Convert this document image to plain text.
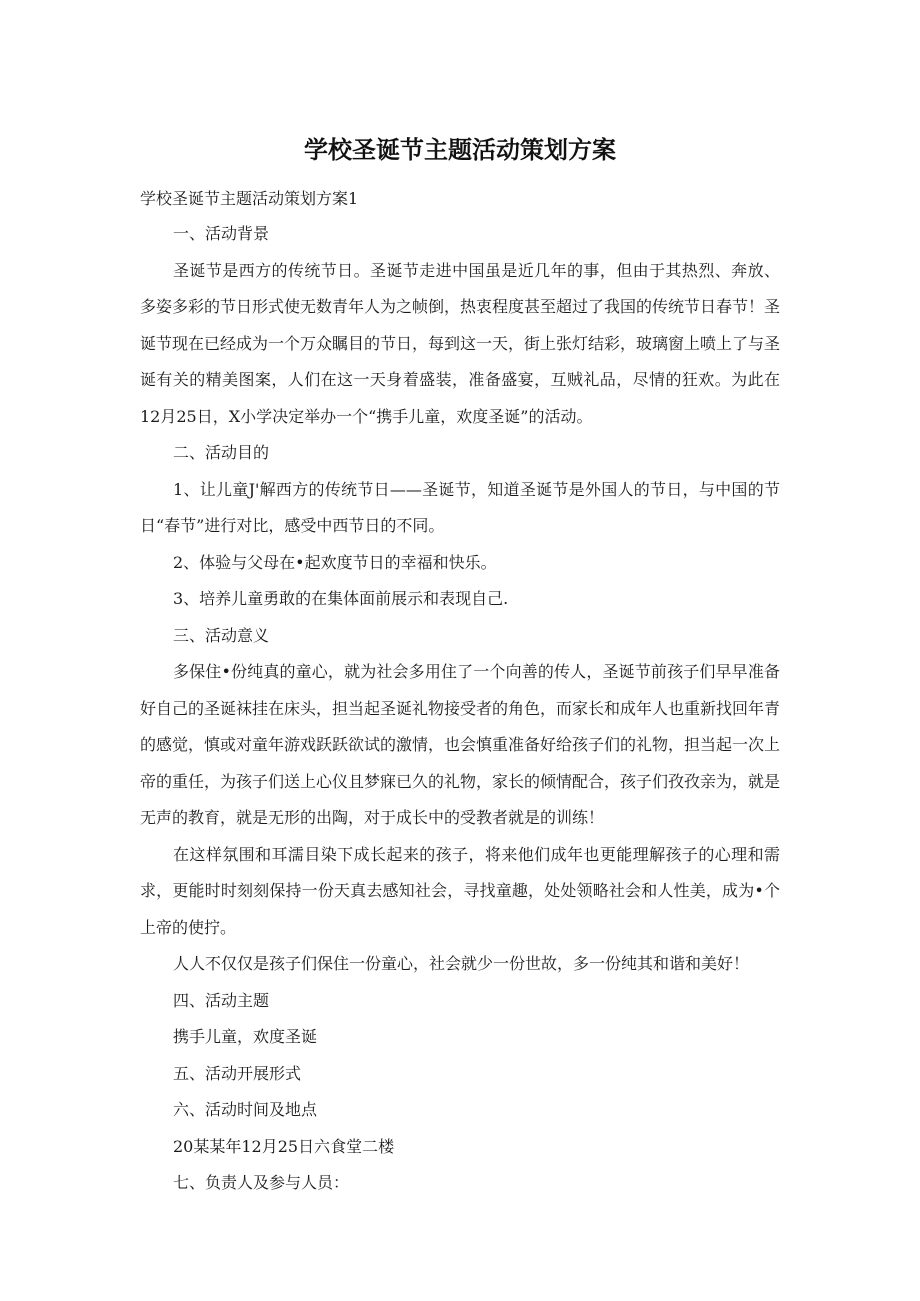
学校圣诞节主题活动策划方案
学校圣诞节主题活动策划方案1

一、活动背景

圣诞节是西方的传统节日。圣诞节走进中国虽是近几年的事，但由于其热烈、奔放、多姿多彩的节日形式使无数青年人为之帧倒，热衷程度甚至超过了我国的传统节日春节！圣诞节现在已经成为一个万众瞩目的节日，每到这一天，街上张灯结彩，玻璃窗上喷上了与圣诞有关的精美图案，人们在这一天身着盛装，准备盛宴，互贼礼品，尽情的狂欢。为此在12月25日，X小学决定举办一个“携手儿童，欢度圣诞”的活动。

二、活动目的

1、让儿童J'解西方的传统节日——圣诞节，知道圣诞节是外国人的节日，与中国的节日“春节”进行对比，感受中西节日的不同。

2、体验与父母在•起欢度节日的幸福和快乐。

3、培养儿童勇敢的在集体面前展示和表现自己.

三、活动意义

多保住•份纯真的童心，就为社会多用住了一个向善的传人，圣诞节前孩子们早早准备好自己的圣诞袜挂在床头，担当起圣诞礼物接受者的角色，而家长和成年人也重新找回年青的感觉，慎或对童年游戏跃跃欲试的激情，也会慎重准备好给孩子们的礼物，担当起一次上帝的重任，为孩子们送上心仪且梦寐已久的礼物，家长的倾情配合，孩子们孜孜亲为，就是无声的教育，就是无形的出陶，对于成长中的受教者就是的训练！

在这样氛围和耳濡目染下成长起来的孩子，将来他们成年也更能理解孩子的心理和需求，更能时时刻刻保持一份天真去感知社会，寻找童趣，处处领略社会和人性美，成为•个上帝的使拧。

人人不仅仅是孩子们保住一份童心，社会就少一份世故，多一份纯其和谐和美好！

四、活动主题

携手儿童，欢度圣诞

五、活动开展形式

六、活动时间及地点

20某某年12月25日六食堂二楼

七、负责人及参与人员：
